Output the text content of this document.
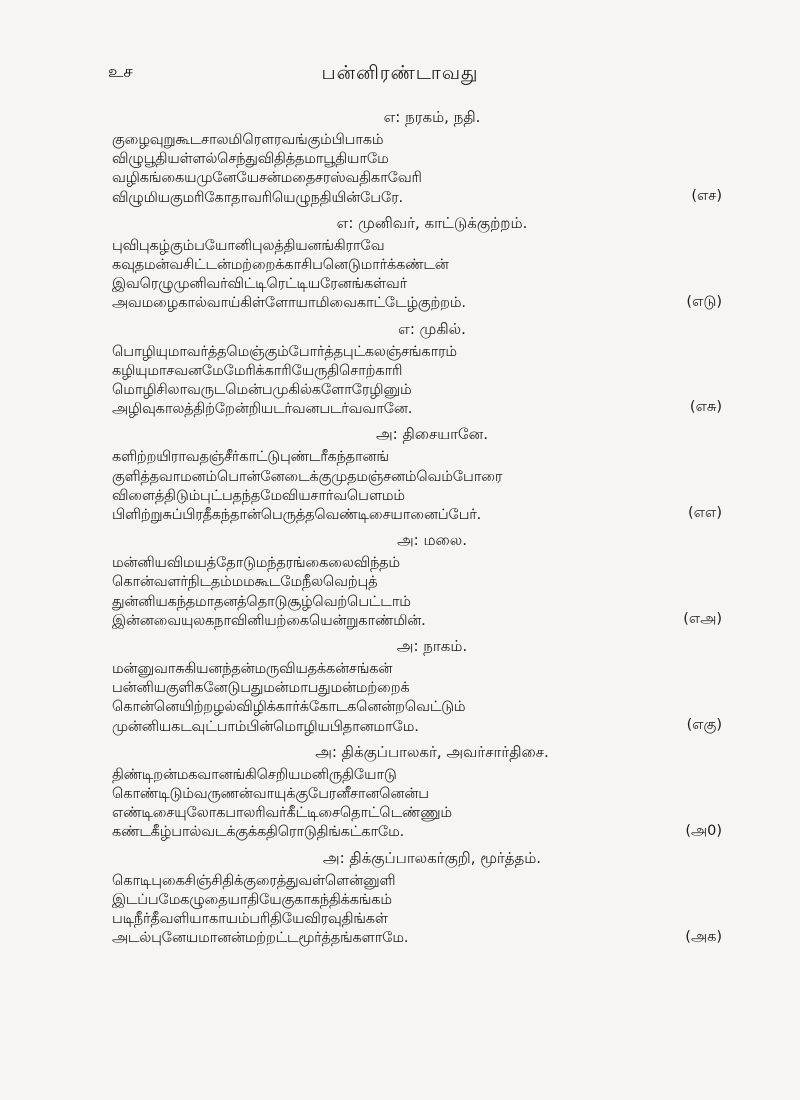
உச	பன்னிரண்டாவது
எ: நரகம், நதி.
குழைவுறுகூடசாலமிரௌரவங்கும்பிபாகம்
விழுபூதியள்ளல்செந்துவிதித்தமாபூதியாமே
வழிகங்கையமுனேயேசன்மதைசரஸ்வதிகாவேரி
விழுமியகுமரிகோதாவரியெழுநதியின்பேரே.	(எச)
எ: முனிவர், காட்டுக்குற்றம்.
புவிபுகழ்கும்பயோனிபுலத்தியனங்கிராவே
கவுதமன்வசிட்டன்மற்றைக்காசிபனெடுமார்க்கண்டன்
இவரெழுமுனிவர்விட்டிரெட்டியரேனங்கள்வர்
அவமழைகால்வாய்கிள்ளோயாமிவைகாட்டேழ்குற்றம்.	(எடு)
எ: முகில்.
பொழியுமாவர்த்தமெஞ்கும்போர்த்தபுட்கலஞ்சங்காரம்
கழியுமாசவனமேமேரிக்காரியேருதிசொற்காரி
மொழிசிலாவருடமென்பமுகில்களோரேழினும்
அழிவுகாலத்திற்றேன்றியடர்வனபடர்வவானே.	(எசு)
அ: திசையானே.
களிற்றயிராவதஞ்சீர்காட்டுபுண்டரீகந்தானங்
குளித்தவாமனம்பொன்னேடைக்குமுதமஞ்சனம்வெம்போரை
விளைத்திடும்புட்பதந்தமேவியசார்வபௌமம்
பிளிற்றுசுப்பிரதீகந்தான்பெருத்தவெண்டிசையானைப்பேர்.	(எஎ)
அ: மலை.
மன்னியவிமயத்தோடுமந்தரங்கைலைவிந்தம்
கொன்வளர்நிடதம்மமகூடமேநீலவெற்புத்
துன்னியகந்தமாதனத்தொடுசூழ்வெற்பெட்டாம்
இன்னவையுலகநாவினியற்கையென்றுகாண்மின்.	(எஅ)
அ: நாகம்.
மன்னுவாசுகியனந்தன்மருவியதக்கன்சங்கன்
பன்னியகுளிகனேடுபதுமன்மாபதுமன்மற்றைக்
கொன்னெயிற்றழல்விழிக்கார்க்கோடகனென்றவெட்டும்
முன்னியகடவுட்பாம்பின்மொழியபிதானமாமே.	(எகு)
அ: திக்குப்பாலகர், அவர்சார்திசை.
திண்டிறன்மகவானங்கிசெறியமனிருதியோடு
கொண்டிடும்வருணன்வாயுக்குபேரனீசானனென்ப
எண்டிசையுலோகபாலரிவர்கீட்டிசைதொட்டெண்ணும்
கண்டகீழ்பால்வடக்குக்கதிரொடுதிங்கட்காமே.	(அ0)
அ: திக்குப்பாலகர்குறி, மூர்த்தம்.
கொடிபுகைசிஞ்சிதிக்குரைத்துவள்ளென்னுளி
இடப்பமேகழுதையாதியேகுகாகந்திக்கங்கம்
படிநீர்தீவளியாகாயம்பரிதியேவிரவுதிங்கள்
அடல்புனேயமானன்மற்றட்டமூர்த்தங்களாமே.	(அக)
